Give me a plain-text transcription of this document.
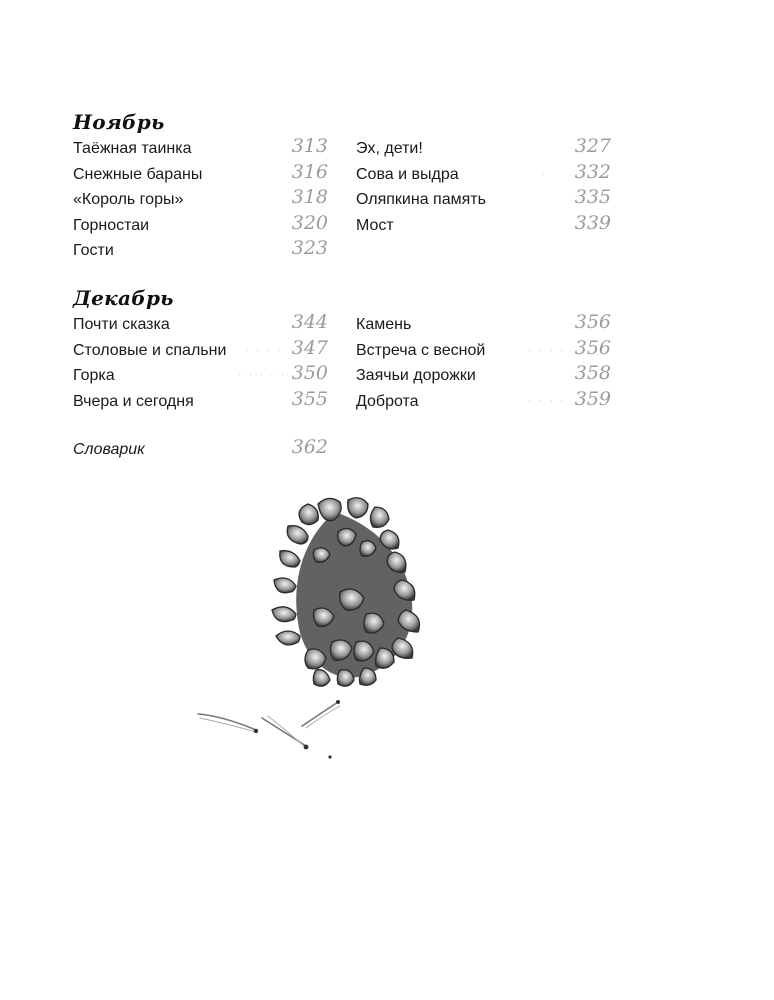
Ноябрь
Таёжная таинка	313
Снежные бараны	316
«Король горы»	318
Горностаи	320
Гости	323
Эх, дети!	327
Сова и выдра	· 332
Оляпкина память	335
Мост	339
Декабрь
Почти сказка	344
Столовые и спальни · · · · 347
Горка	· · · · · 350
Вчера и сегодня	355
Камень	356
Встреча с весной	· · · · 356
Заячьи дорожки	358
Доброта	· · · · 359
Словарик	362
